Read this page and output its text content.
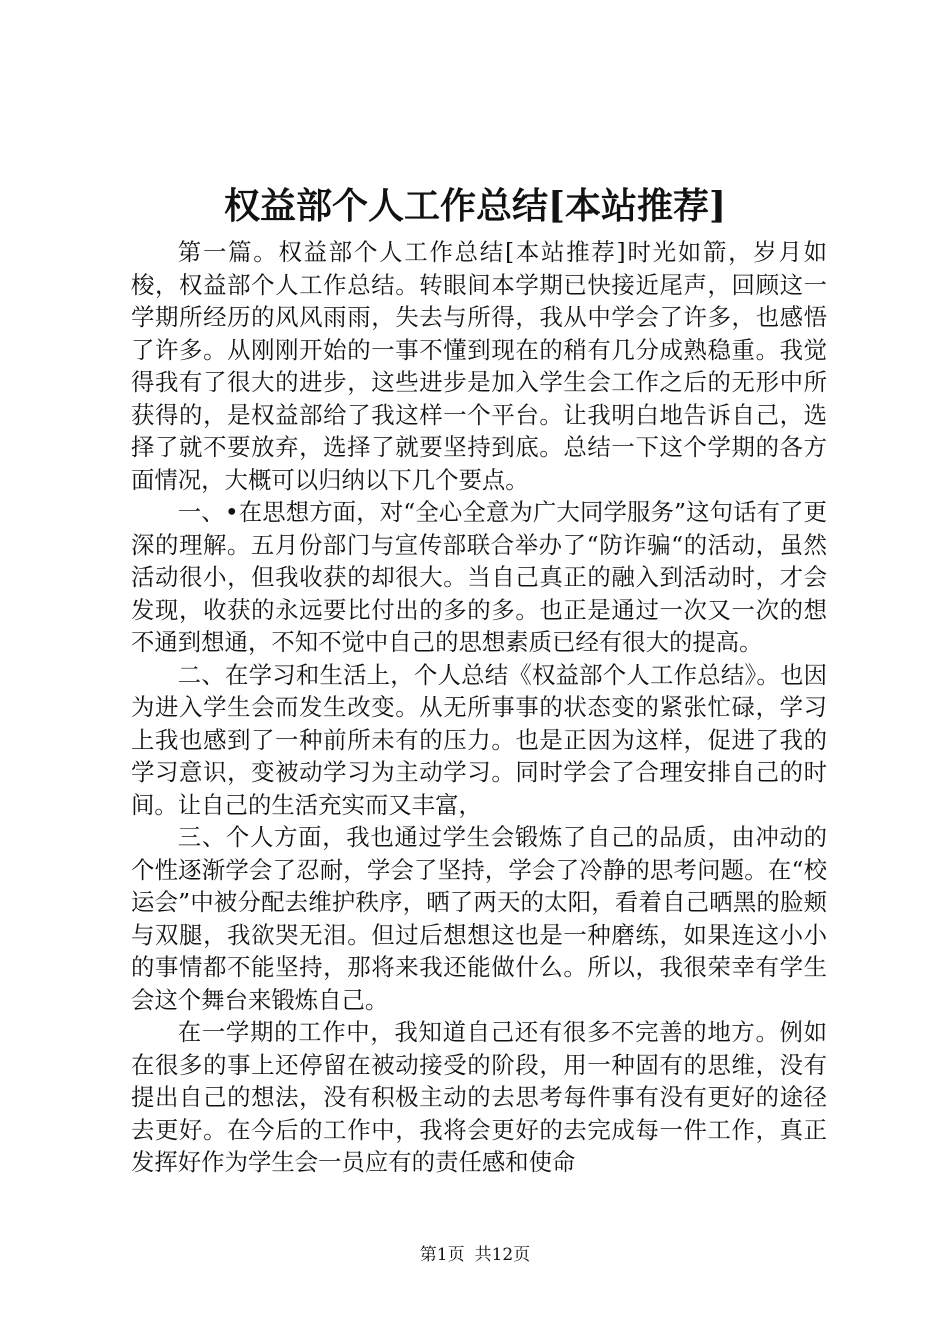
权益部个人工作总结[本站推荐]

第一篇。权益部个人工作总结[本站推荐]时光如箭，岁月如梭，权益部个人工作总结。转眼间本学期已快接近尾声，回顾这一学期所经历的风风雨雨，失去与所得，我从中学会了许多，也感悟了许多。从刚刚开始的一事不懂到现在的稍有几分成熟稳重。我觉得我有了很大的进步，这些进步是加入学生会工作之后的无形中所获得的，是权益部给了我这样一个平台。让我明白地告诉自己，选择了就不要放弃，选择了就要坚持到底。总结一下这个学期的各方面情况，大概可以归纳以下几个要点。

一、•在思想方面，对“全心全意为广大同学服务”这句话有了更深的理解。五月份部门与宣传部联合举办了“防诈骗“的活动，虽然活动很小，但我收获的却很大。当自己真正的融入到活动时，才会发现，收获的永远要比付出的多的多。也正是通过一次又一次的想不通到想通，不知不觉中自己的思想素质已经有很大的提高。

二、在学习和生活上，个人总结《权益部个人工作总结》。也因为进入学生会而发生改变。从无所事事的状态变的紧张忙碌，学习上我也感到了一种前所未有的压力。也是正因为这样，促进了我的学习意识，变被动学习为主动学习。同时学会了合理安排自己的时间。让自己的生活充实而又丰富，

三、个人方面，我也通过学生会锻炼了自己的品质，由冲动的个性逐渐学会了忍耐，学会了坚持，学会了冷静的思考问题。在“校运会”中被分配去维护秩序，晒了两天的太阳，看着自己晒黑的脸颊与双腿，我欲哭无泪。但过后想想这也是一种磨练，如果连这小小的事情都不能坚持，那将来我还能做什么。所以，我很荣幸有学生会这个舞台来锻炼自己。

在一学期的工作中，我知道自己还有很多不完善的地方。例如在很多的事上还停留在被动接受的阶段，用一种固有的思维，没有提出自己的想法，没有积极主动的去思考每件事有没有更好的途径去更好。在今后的工作中，我将会更好的去完成每一件工作，真正发挥好作为学生会一员应有的责任感和使命

第1页 共12页
